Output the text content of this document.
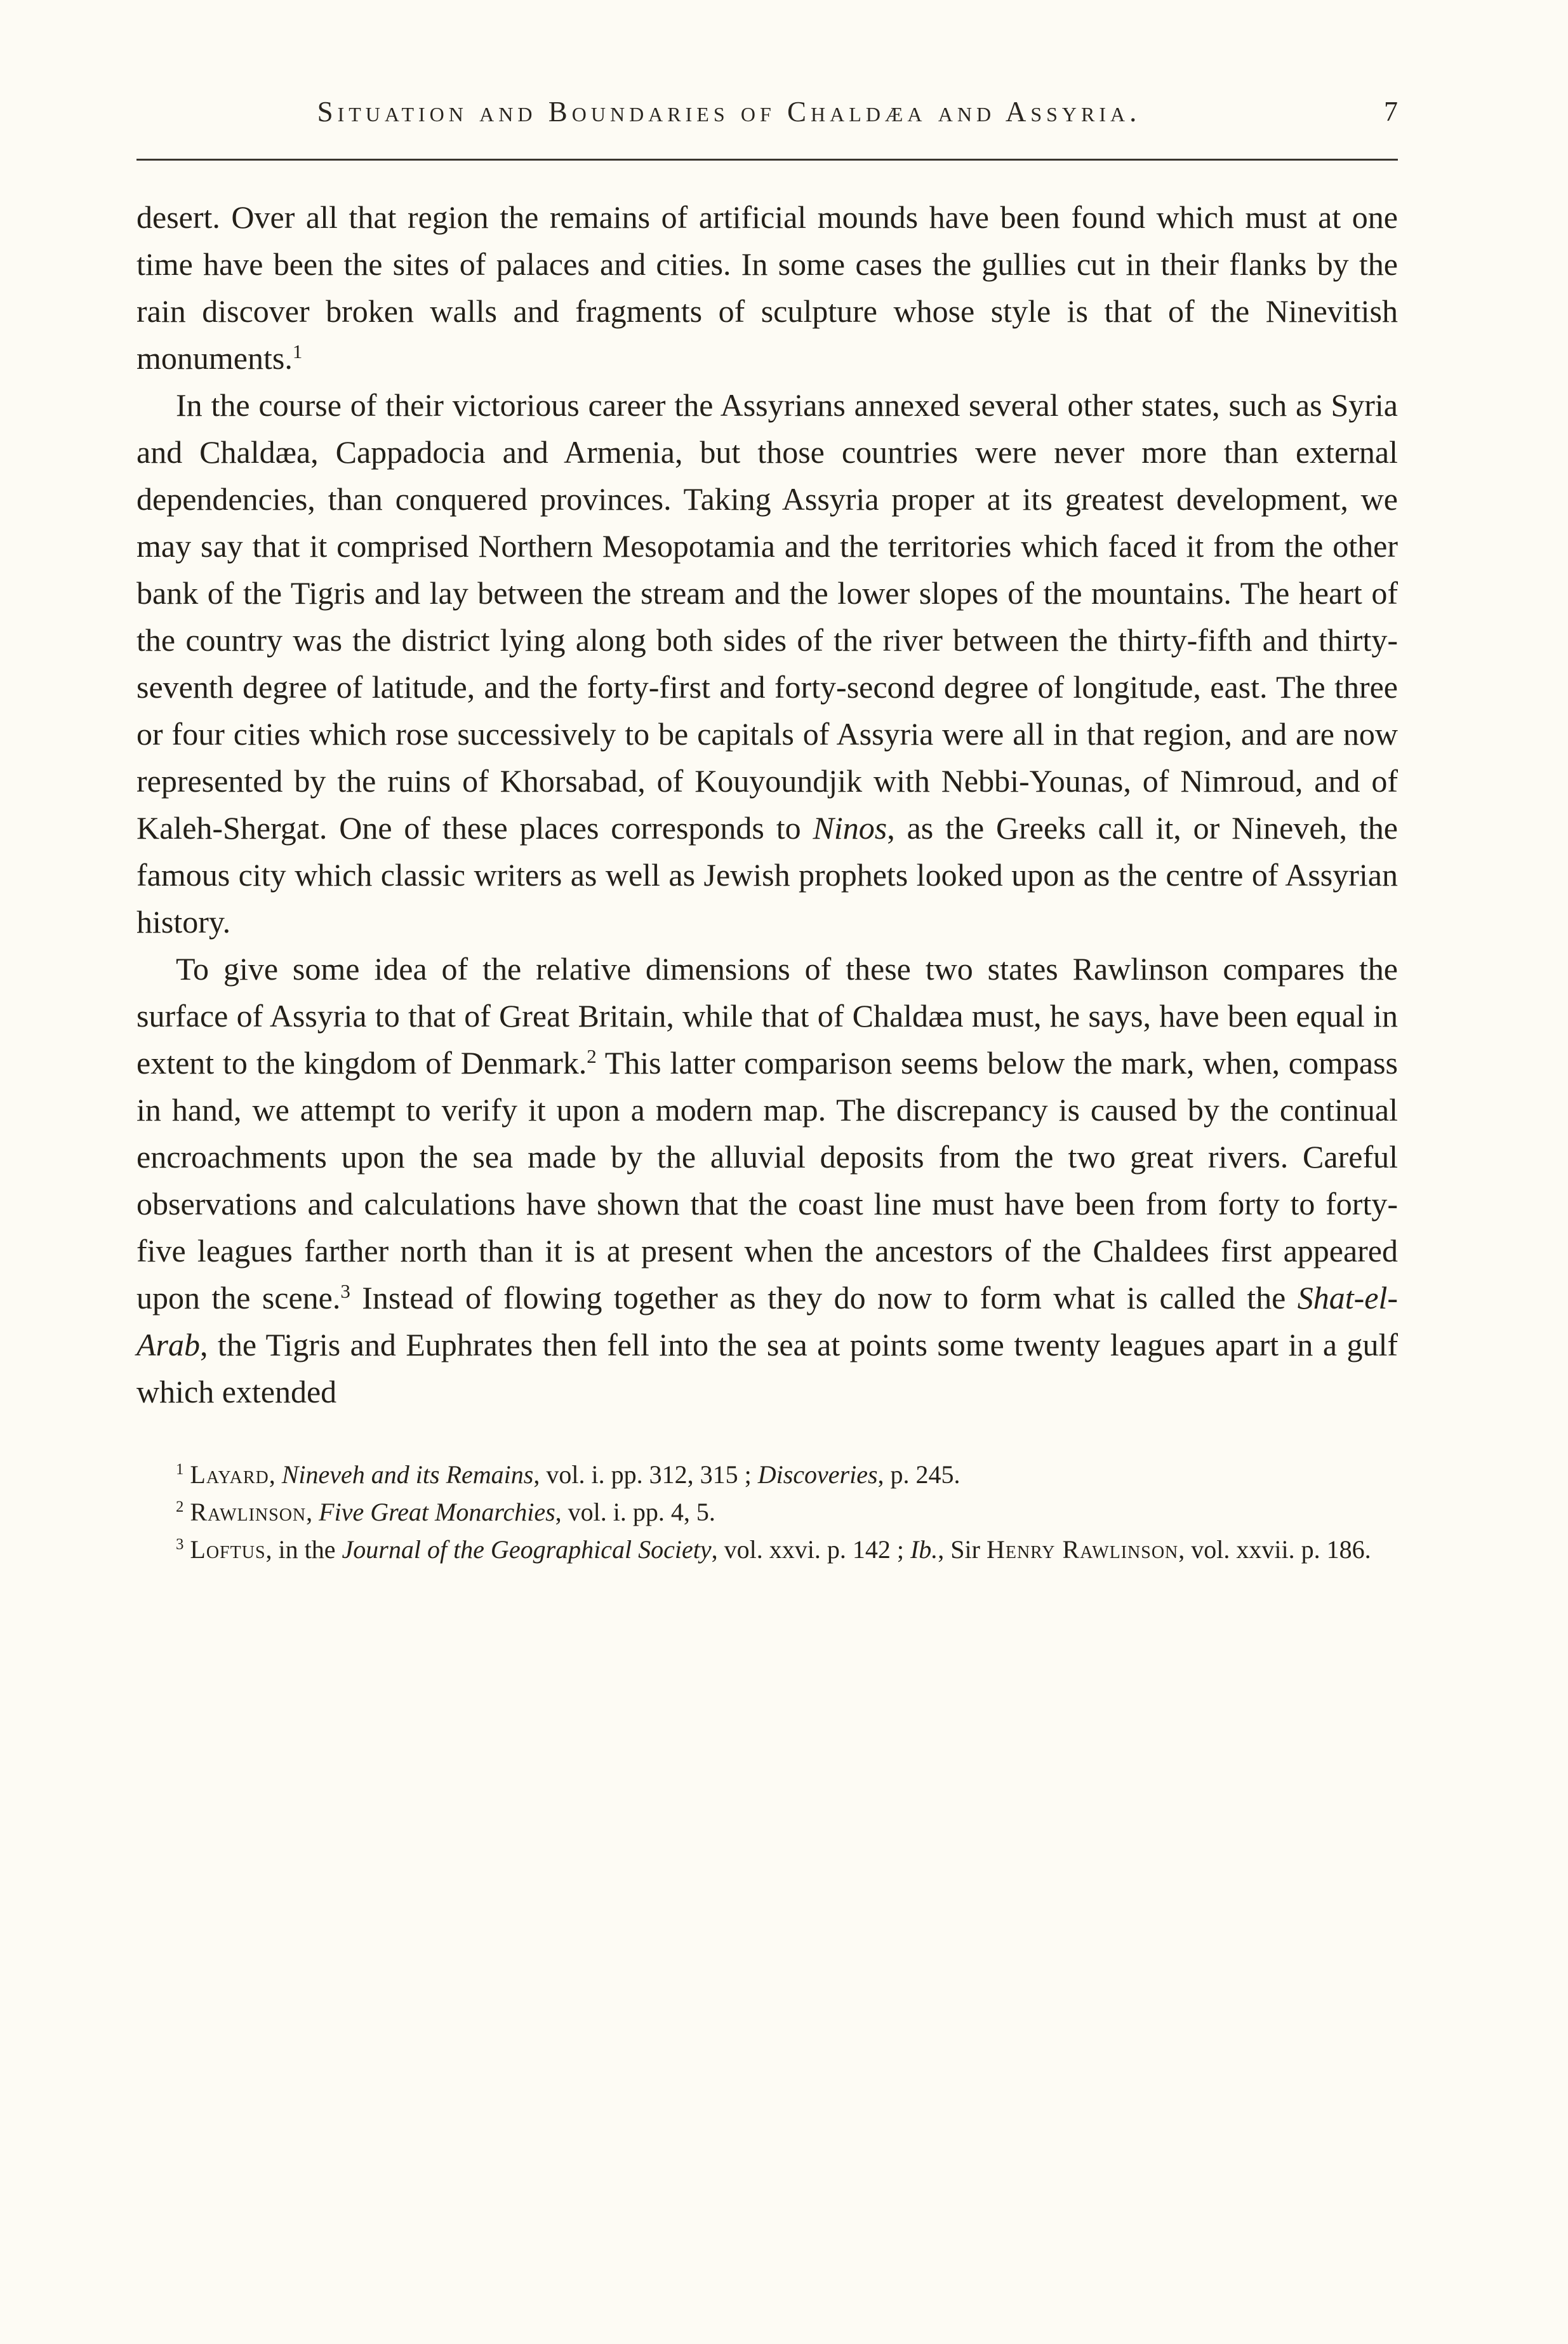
Situation and Boundaries of Chaldæa and Assyria.	7

desert. Over all that region the remains of artificial mounds have been found which must at one time have been the sites of palaces and cities. In some cases the gullies cut in their flanks by the rain discover broken walls and fragments of sculpture whose style is that of the Ninevitish monuments.$^1$

In the course of their victorious career the Assyrians annexed several other states, such as Syria and Chaldæa, Cappadocia and Armenia, but those countries were never more than external dependencies, than conquered provinces. Taking Assyria proper at its greatest development, we may say that it comprised Northern Mesopotamia and the territories which faced it from the other bank of the Tigris and lay between the stream and the lower slopes of the mountains. The heart of the country was the district lying along both sides of the river between the thirty-fifth and thirty-seventh degree of latitude, and the forty-first and forty-second degree of longitude, east. The three or four cities which rose successively to be capitals of Assyria were all in that region, and are now represented by the ruins of Khorsabad, of Kouyoundjik with Nebbi-Younas, of Nimroud, and of Kaleh-Shergat. One of these places corresponds to Ninos, as the Greeks call it, or Nineveh, the famous city which classic writers as well as Jewish prophets looked upon as the centre of Assyrian history.

To give some idea of the relative dimensions of these two states Rawlinson compares the surface of Assyria to that of Great Britain, while that of Chaldæa must, he says, have been equal in extent to the kingdom of Denmark.$^2$ This latter comparison seems below the mark, when, compass in hand, we attempt to verify it upon a modern map. The discrepancy is caused by the continual encroachments upon the sea made by the alluvial deposits from the two great rivers. Careful observations and calculations have shown that the coast line must have been from forty to forty-five leagues farther north than it is at present when the ancestors of the Chaldees first appeared upon the scene.$^3$ Instead of flowing together as they do now to form what is called the Shat-el-Arab, the Tigris and Euphrates then fell into the sea at points some twenty leagues apart in a gulf which extended

$^1$ Layard, Nineveh and its Remains, vol. i. pp. 312, 315 ; Discoveries, p. 245.

$^2$ Rawlinson, Five Great Monarchies, vol. i. pp. 4, 5.

$^3$ Loftus, in the Journal of the Geographical Society, vol. xxvi. p. 142 ; Ib., Sir Henry Rawlinson, vol. xxvii. p. 186.
